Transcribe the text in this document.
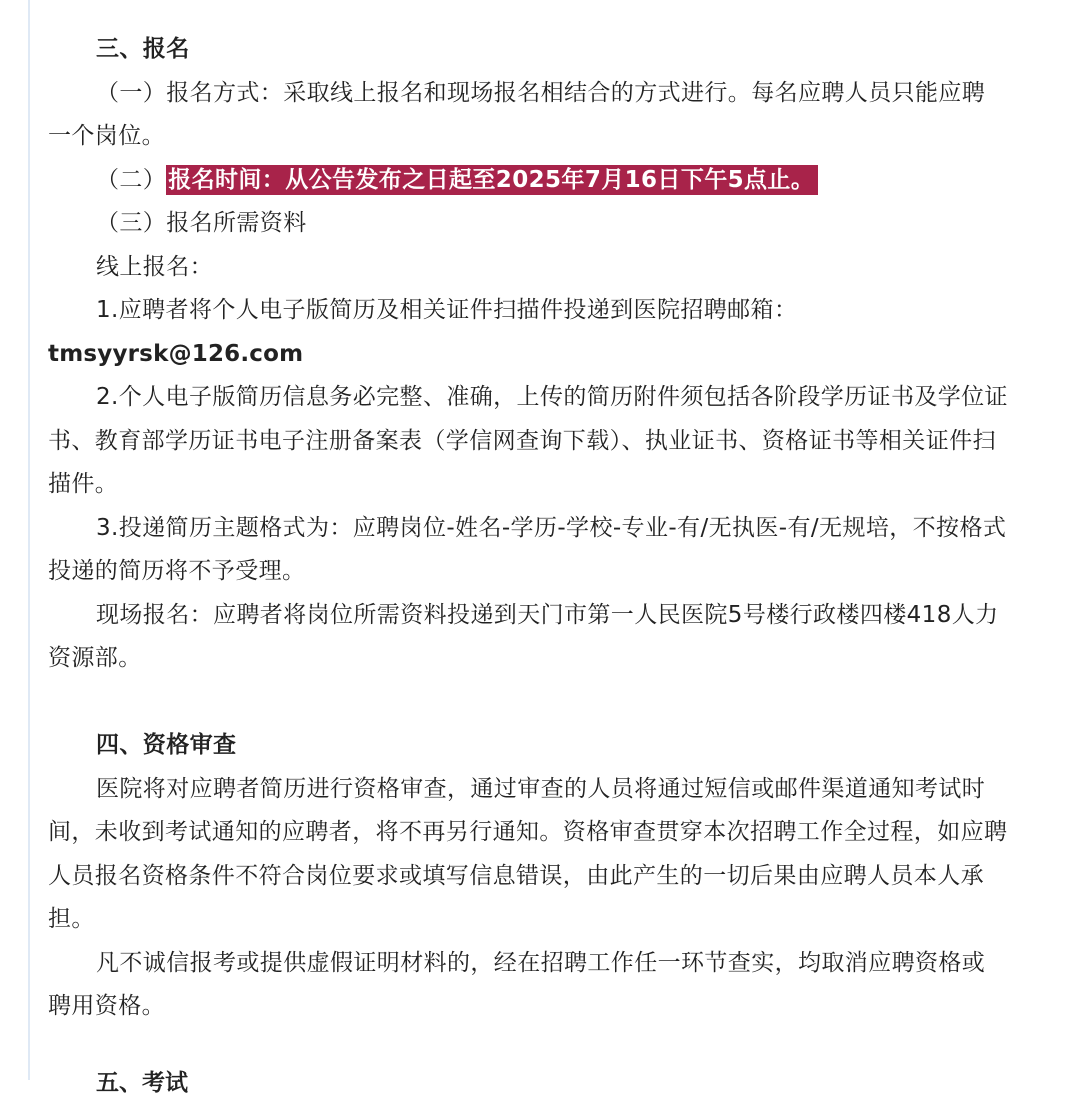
三、报名

（一）报名方式：采取线上报名和现场报名相结合的方式进行。每名应聘人员只能应聘一个岗位。

（二）报名时间：从公告发布之日起至2025年7月16日下午5点止。

（三）报名所需资料

线上报名：

1.应聘者将个人电子版简历及相关证件扫描件投递到医院招聘邮箱：

tmsyyrsk@126.com

2.个人电子版简历信息务必完整、准确，上传的简历附件须包括各阶段学历证书及学位证书、教育部学历证书电子注册备案表（学信网查询下载）、执业证书、资格证书等相关证件扫描件。

3.投递简历主题格式为：应聘岗位-姓名-学历-学校-专业-有/无执医-有/无规培，不按格式投递的简历将不予受理。

现场报名：应聘者将岗位所需资料投递到天门市第一人民医院5号楼行政楼四楼418人力资源部。

四、资格审查

医院将对应聘者简历进行资格审查，通过审查的人员将通过短信或邮件渠道通知考试时间，未收到考试通知的应聘者，将不再另行通知。资格审查贯穿本次招聘工作全过程，如应聘人员报名资格条件不符合岗位要求或填写信息错误，由此产生的一切后果由应聘人员本人承担。

凡不诚信报考或提供虚假证明材料的，经在招聘工作任一环节查实，均取消应聘资格或聘用资格。

五、考试
